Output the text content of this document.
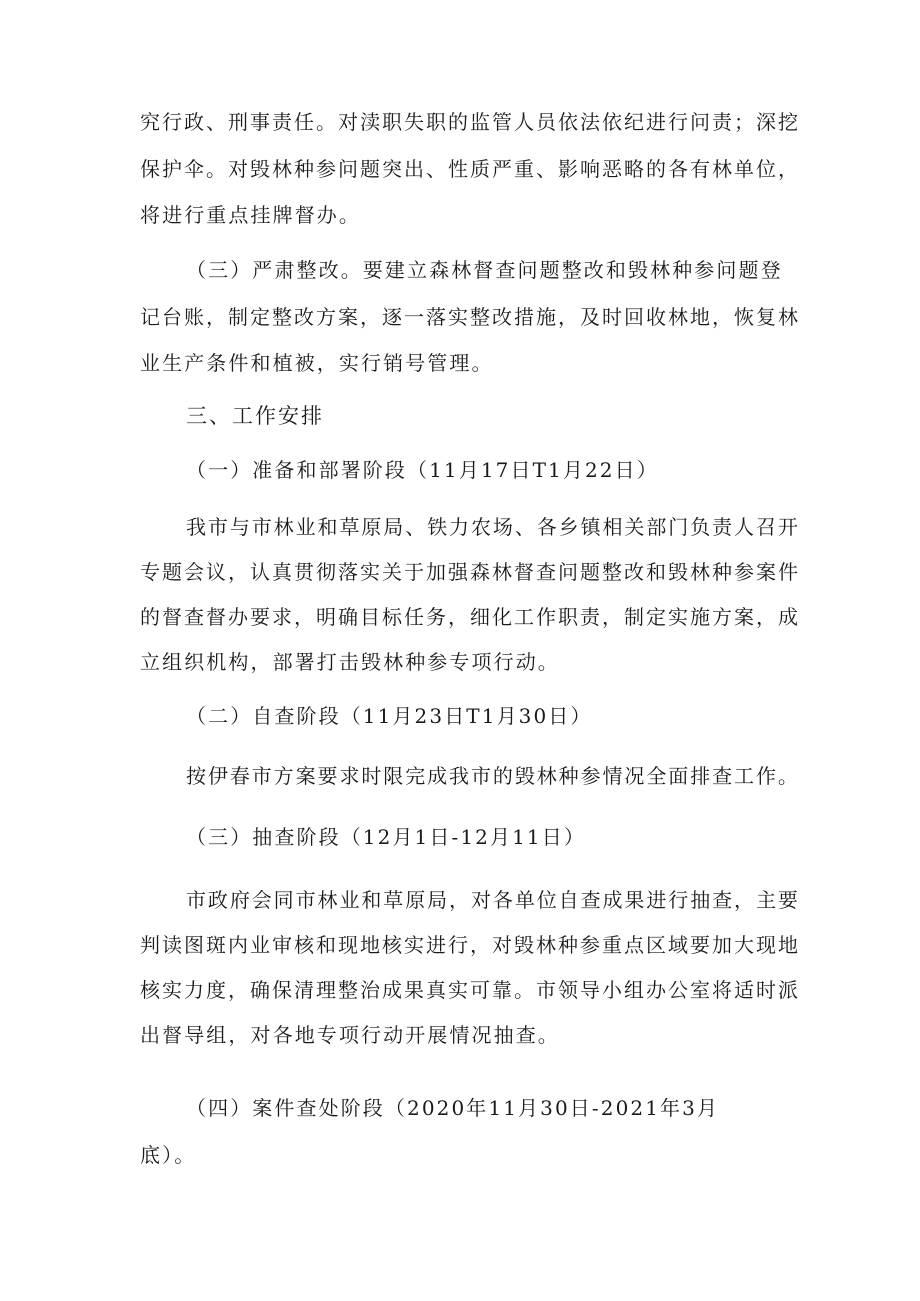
究行政、刑事责任。对渎职失职的监管人员依法依纪进行问责；深挖
保护伞。对毁林种参问题突出、性质严重、影响恶略的各有林单位，
将进行重点挂牌督办。
（三）严肃整改。要建立森林督查问题整改和毁林种参问题登
记台账，制定整改方案，逐一落实整改措施，及时回收林地，恢复林
业生产条件和植被，实行销号管理。
三、工作安排
（一）准备和部署阶段（11月17日T1月22日）
我市与市林业和草原局、铁力农场、各乡镇相关部门负责人召开
专题会议，认真贯彻落实关于加强森林督查问题整改和毁林种参案件
的督查督办要求，明确目标任务，细化工作职责，制定实施方案，成
立组织机构，部署打击毁林种参专项行动。
（二）自查阶段（11月23日T1月30日）
按伊春市方案要求时限完成我市的毁林种参情况全面排查工作。
（三）抽查阶段（12月1日-12月11日）
市政府会同市林业和草原局，对各单位自查成果进行抽查，主要
判读图斑内业审核和现地核实进行，对毁林种参重点区域要加大现地
核实力度，确保清理整治成果真实可靠。市领导小组办公室将适时派
出督导组，对各地专项行动开展情况抽查。
（四）案件查处阶段（2020年11月30日-2021年3月
底）。
